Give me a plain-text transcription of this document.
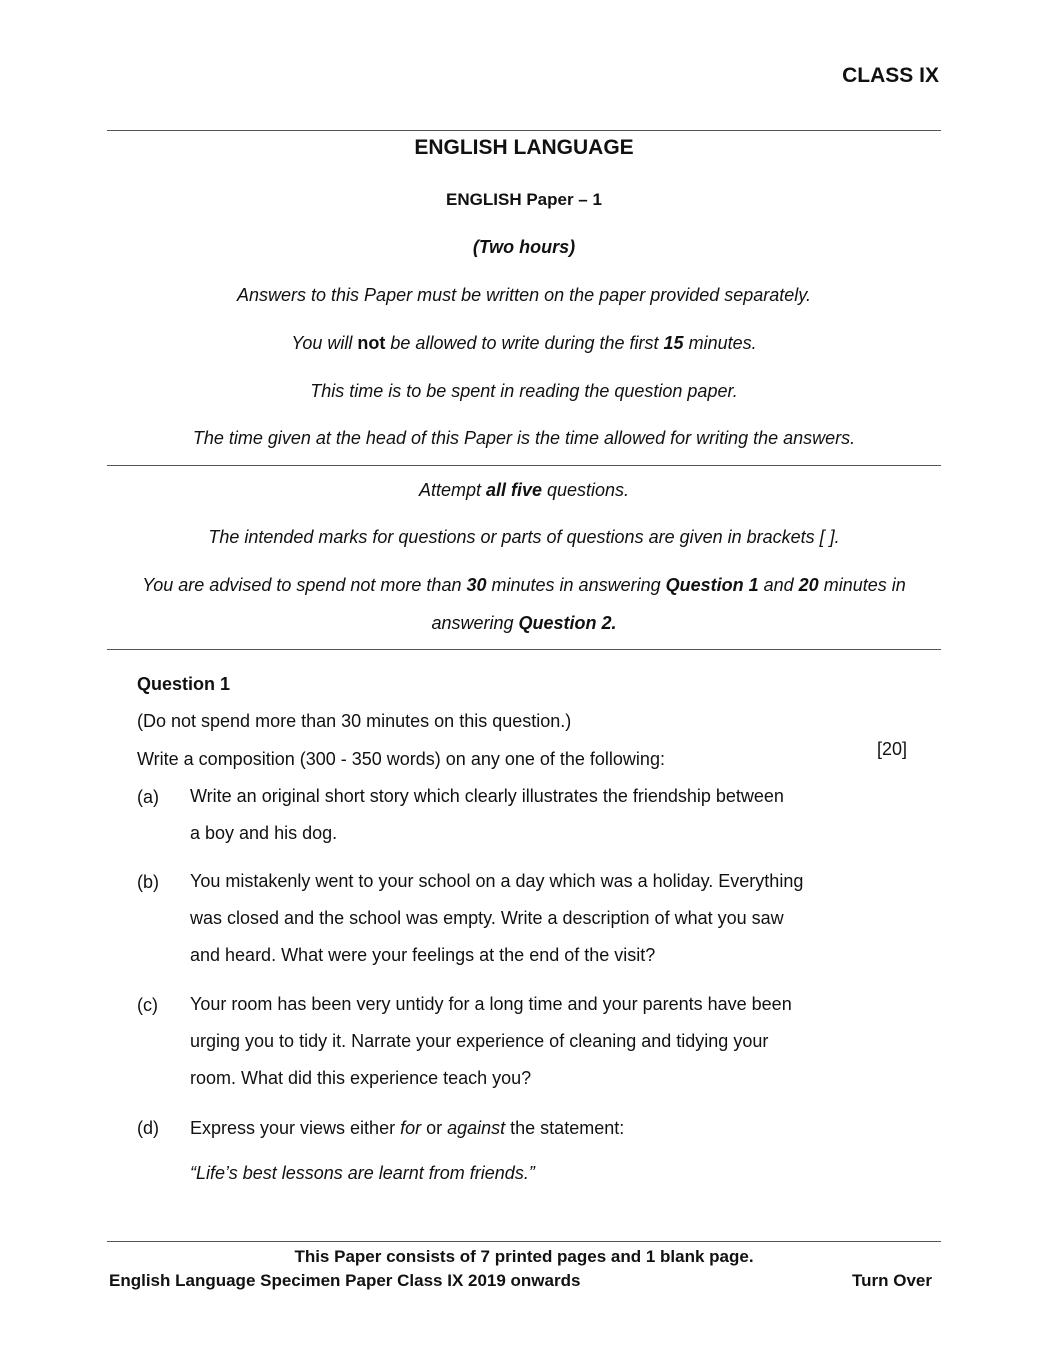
CLASS IX
ENGLISH LANGUAGE
ENGLISH Paper – 1
(Two hours)
Answers to this Paper must be written on the paper provided separately.
You will not be allowed to write during the first 15 minutes.
This time is to be spent in reading the question paper.
The time given at the head of this Paper is the time allowed for writing the answers.
Attempt all five questions.
The intended marks for questions or parts of questions are given in brackets [ ].
You are advised to spend not more than 30 minutes in answering Question 1 and 20 minutes in
answering Question 2.
Question 1
(Do not spend more than 30 minutes on this question.)
Write a composition (300 - 350 words) on any one of the following:	[20]
(a) Write an original short story which clearly illustrates the friendship between
a boy and his dog.
(b) You mistakenly went to your school on a day which was a holiday. Everything
was closed and the school was empty. Write a description of what you saw
and heard. What were your feelings at the end of the visit?
(c) Your room has been very untidy for a long time and your parents have been
urging you to tidy it. Narrate your experience of cleaning and tidying your
room. What did this experience teach you?
(d) Express your views either for or against the statement:
“Life’s best lessons are learnt from friends.”
This Paper consists of 7 printed pages and 1 blank page.
English Language Specimen Paper Class IX 2019 onwards	Turn Over
